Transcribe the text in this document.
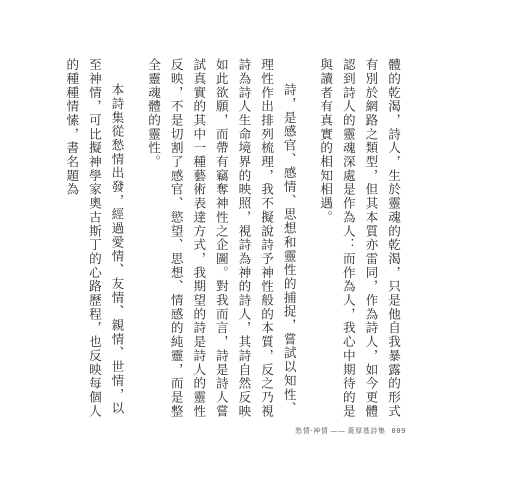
體的乾渴，詩人，生於靈魂的乾渴，只是他自我暴露的形式有別於網路之類型，但其本質亦雷同，作為詩人，如今更體認到詩人的靈魂深處是作為人：而作為人，我心中期待的是與讀者有真實的相知相遇。

詩，是感官、感情、思想和靈性的捕捉，嘗試以知性、理性作出排列梳理，我不擬說詩予神性般的本質，反之乃視詩為詩人生命境界的映照，視詩為神的詩人，其詩自然反映如此欲願，而帶有竊奪神性之企圖。對我而言，詩是詩人嘗試真實的其中一種藝術表達方式，我期望的詩是詩人的靈性反映，不是切割了感官、慾望、思想、情感的純靈，而是整全靈魂體的靈性。

本詩集從愁情出發，經過愛情、友情、親情、世情，以至神情，可比擬神學家奧古斯丁的心路歷程，也反映每個人的種種情愫，書名題為

愁情·神情 —— 黃厚基詩集 009
